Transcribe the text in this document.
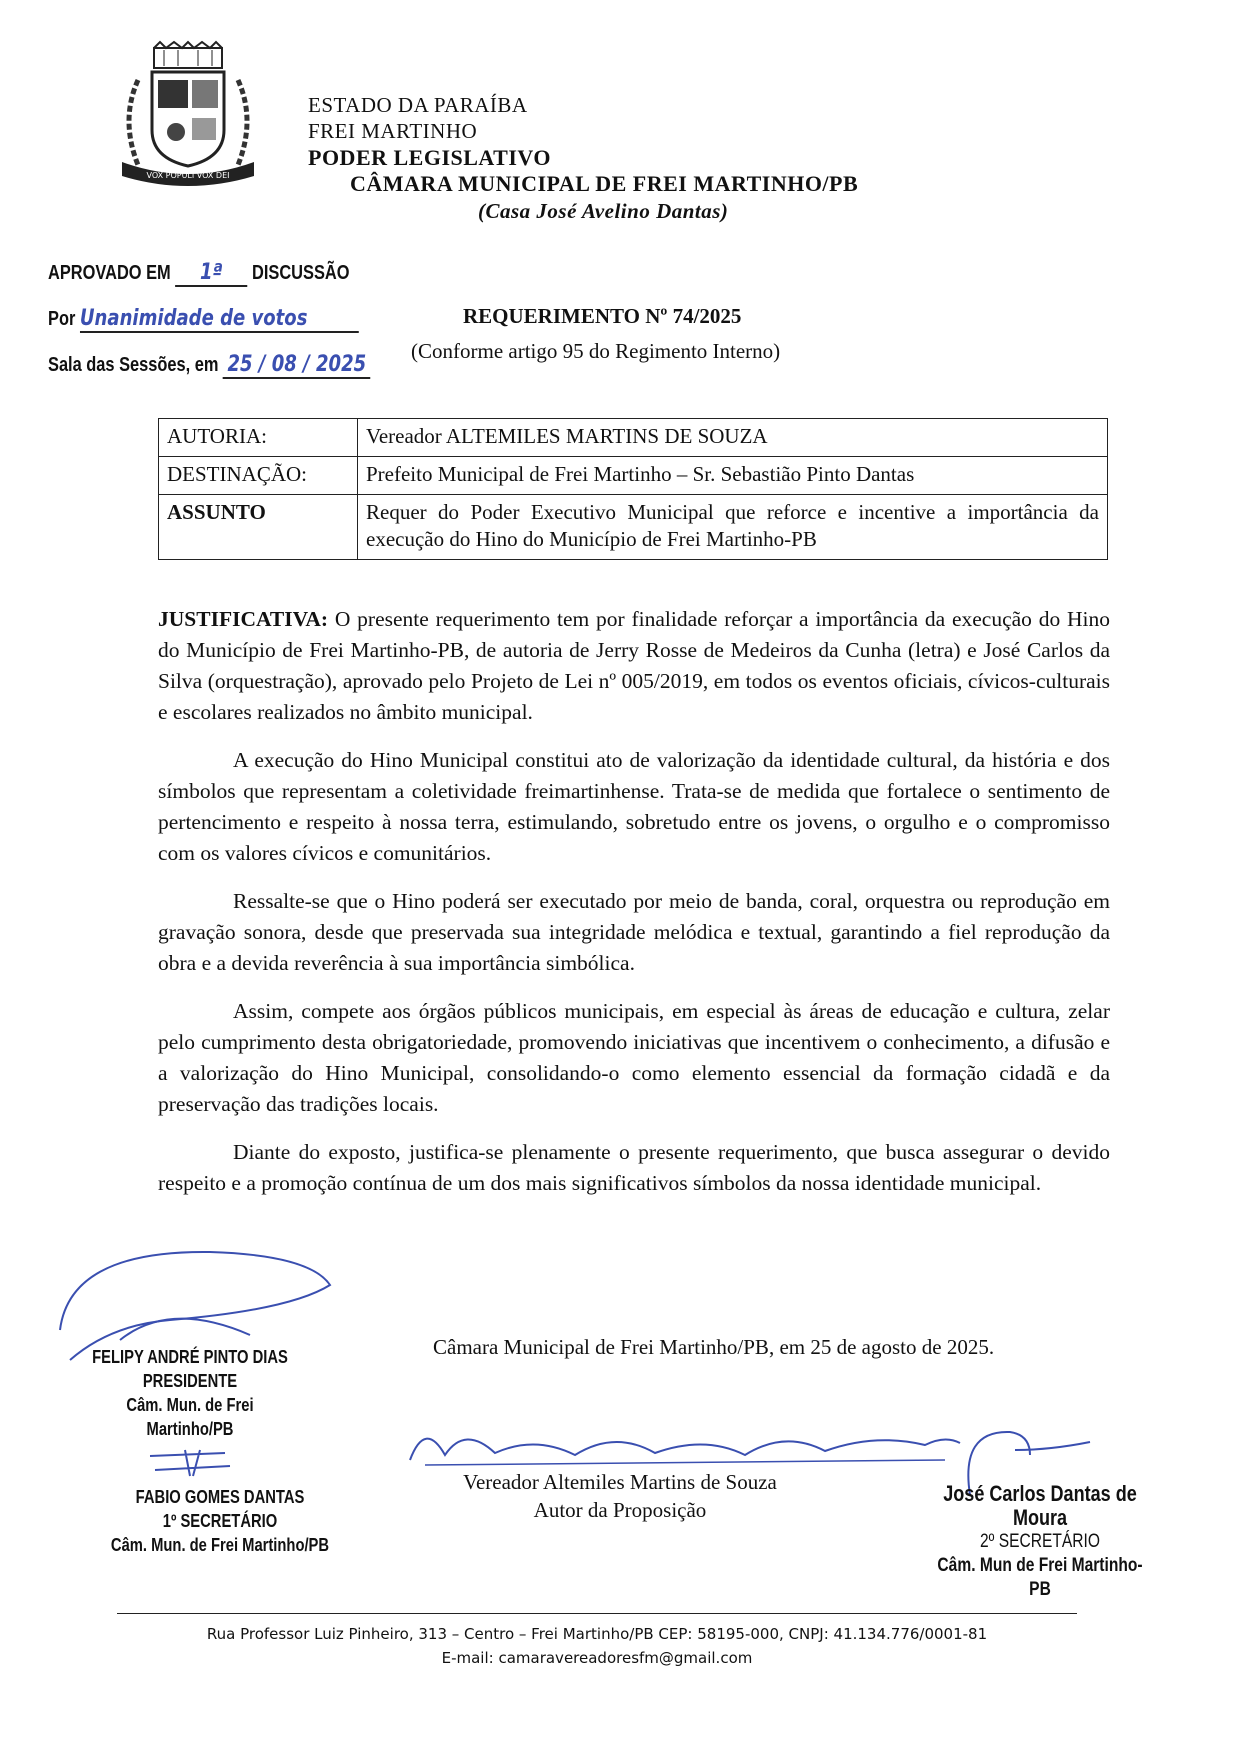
VOX POPULI VOX DEI
ESTADO DA PARAÍBA
FREI MARTINHO
PODER LEGISLATIVO
CÂMARA MUNICIPAL DE FREI MARTINHO/PB
(Casa José Avelino Dantas)
APROVADO EM 1ª DISCUSSÃO
Por Unanimidade de votos
Sala das Sessões, em 25 / 08 / 2025
REQUERIMENTO Nº 74/2025
(Conforme artigo 95 do Regimento Interno)
AUTORIA:	Vereador ALTEMILES MARTINS DE SOUZA
DESTINAÇÃO:	Prefeito Municipal de Frei Martinho – Sr. Sebastião Pinto Dantas
ASSUNTO	Requer do Poder Executivo Municipal que reforce e incentive a importância da execução do Hino do Município de Frei Martinho-PB

JUSTIFICATIVA: O presente requerimento tem por finalidade reforçar a importância da execução do Hino do Município de Frei Martinho-PB, de autoria de Jerry Rosse de Medeiros da Cunha (letra) e José Carlos da Silva (orquestração), aprovado pelo Projeto de Lei nº 005/2019, em todos os eventos oficiais, cívicos-culturais e escolares realizados no âmbito municipal.

A execução do Hino Municipal constitui ato de valorização da identidade cultural, da história e dos símbolos que representam a coletividade freimartinhense. Trata-se de medida que fortalece o sentimento de pertencimento e respeito à nossa terra, estimulando, sobretudo entre os jovens, o orgulho e o compromisso com os valores cívicos e comunitários.

Ressalte-se que o Hino poderá ser executado por meio de banda, coral, orquestra ou reprodução em gravação sonora, desde que preservada sua integridade melódica e textual, garantindo a fiel reprodução da obra e a devida reverência à sua importância simbólica.

Assim, compete aos órgãos públicos municipais, em especial às áreas de educação e cultura, zelar pelo cumprimento desta obrigatoriedade, promovendo iniciativas que incentivem o conhecimento, a difusão e a valorização do Hino Municipal, consolidando-o como elemento essencial da formação cidadã e da preservação das tradições locais.

Diante do exposto, justifica-se plenamente o presente requerimento, que busca assegurar o devido respeito e a promoção contínua de um dos mais significativos símbolos da nossa identidade municipal.

Câmara Municipal de Frei Martinho/PB, em 25 de agosto de 2025.
FELIPY ANDRÉ PINTO DIAS
PRESIDENTE
Câm. Mun. de Frei Martinho/PB
FABIO GOMES DANTAS
1º SECRETÁRIO
Câm. Mun. de Frei Martinho/PB
Vereador Altemiles Martins de Souza
Autor da Proposição
José Carlos Dantas de Moura
2º SECRETÁRIO
Câm. Mun de Frei Martinho-PB
Rua Professor Luiz Pinheiro, 313 – Centro – Frei Martinho/PB CEP: 58195-000, CNPJ: 41.134.776/0001-81
E-mail: camaravereadoresfm@gmail.com
